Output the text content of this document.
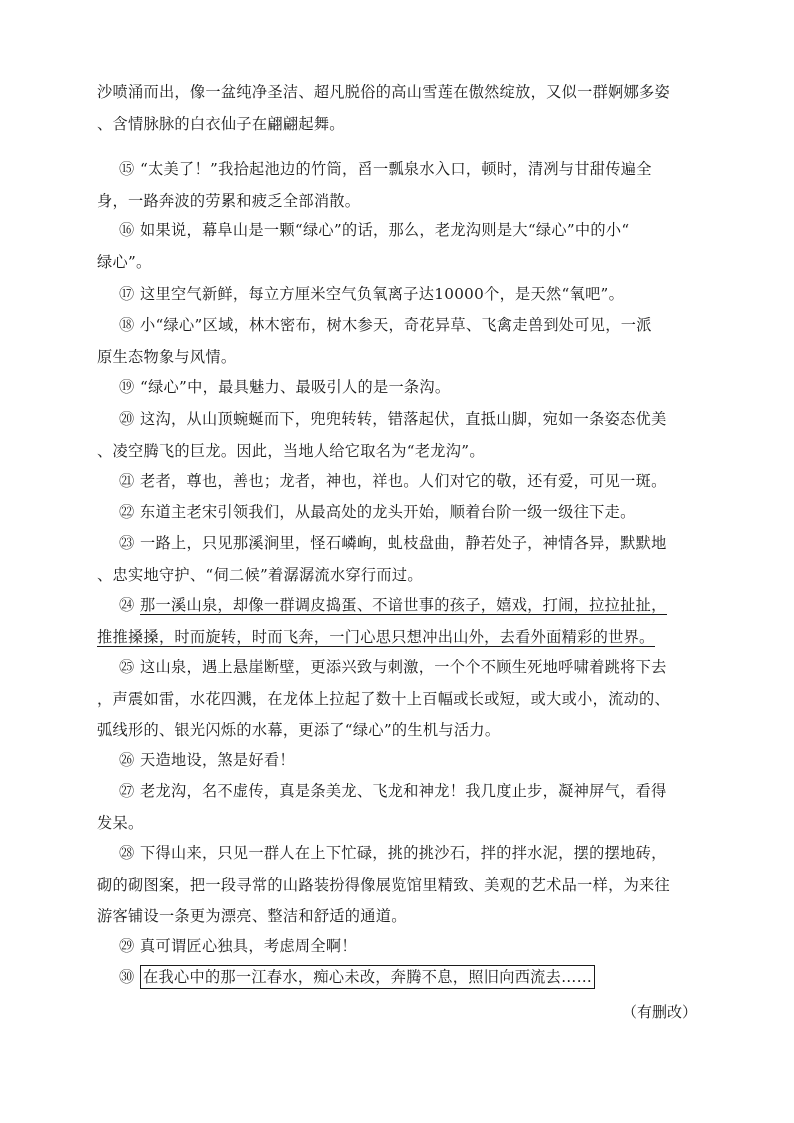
沙喷涌而出，像一盆纯净圣洁、超凡脱俗的高山雪莲在傲然绽放，又似一群婀娜多姿
、含情脉脉的白衣仙子在翩翩起舞。
⑮ “太美了！”我拾起池边的竹筒，舀一瓢泉水入口，顿时，清冽与甘甜传遍全
身，一路奔波的劳累和疲乏全部消散。
⑯ 如果说，幕阜山是一颗“绿心”的话，那么，老龙沟则是大“绿心”中的小“
绿心”。
⑰ 这里空气新鲜，每立方厘米空气负氧离子达10000个，是天然“氧吧”。
⑱ 小“绿心”区域，林木密布，树木参天，奇花异草、飞禽走兽到处可见，一派
原生态物象与风情。
⑲ “绿心”中，最具魅力、最吸引人的是一条沟。
⑳ 这沟，从山顶蜿蜒而下，兜兜转转，错落起伏，直抵山脚，宛如一条姿态优美
、凌空腾飞的巨龙。因此，当地人给它取名为“老龙沟”。
㉑ 老者，尊也，善也；龙者，神也，祥也。人们对它的敬，还有爱，可见一斑。
㉒ 东道主老宋引领我们，从最高处的龙头开始，顺着台阶一级一级往下走。
㉓ 一路上，只见那溪涧里，怪石嶙峋，虬枝盘曲，静若处子，神情各异，默默地
、忠实地守护、“伺二候”着潺潺流水穿行而过。
㉔ 那一溪山泉，却像一群调皮捣蛋、不谙世事的孩子，嬉戏，打闹，拉拉扯扯，
推推搡搡，时而旋转，时而飞奔，一门心思只想冲出山外，去看外面精彩的世界。
㉕ 这山泉，遇上悬崖断壁，更添兴致与刺激，一个个不顾生死地呼啸着跳将下去
，声震如雷，水花四溅，在龙体上拉起了数十上百幅或长或短，或大或小，流动的、
弧线形的、银光闪烁的水幕，更添了“绿心”的生机与活力。
㉖ 天造地设，煞是好看！
㉗ 老龙沟，名不虚传，真是条美龙、飞龙和神龙！我几度止步，凝神屏气，看得
发呆。
㉘ 下得山来，只见一群人在上下忙碌，挑的挑沙石，拌的拌水泥，摆的摆地砖，
砌的砌图案，把一段寻常的山路装扮得像展览馆里精致、美观的艺术品一样，为来往
游客铺设一条更为漂亮、整洁和舒适的通道。
㉙ 真可谓匠心独具，考虑周全啊！
㉚ 在我心中的那一江春水，痴心未改，奔腾不息，照旧向西流去……
（有删改）
